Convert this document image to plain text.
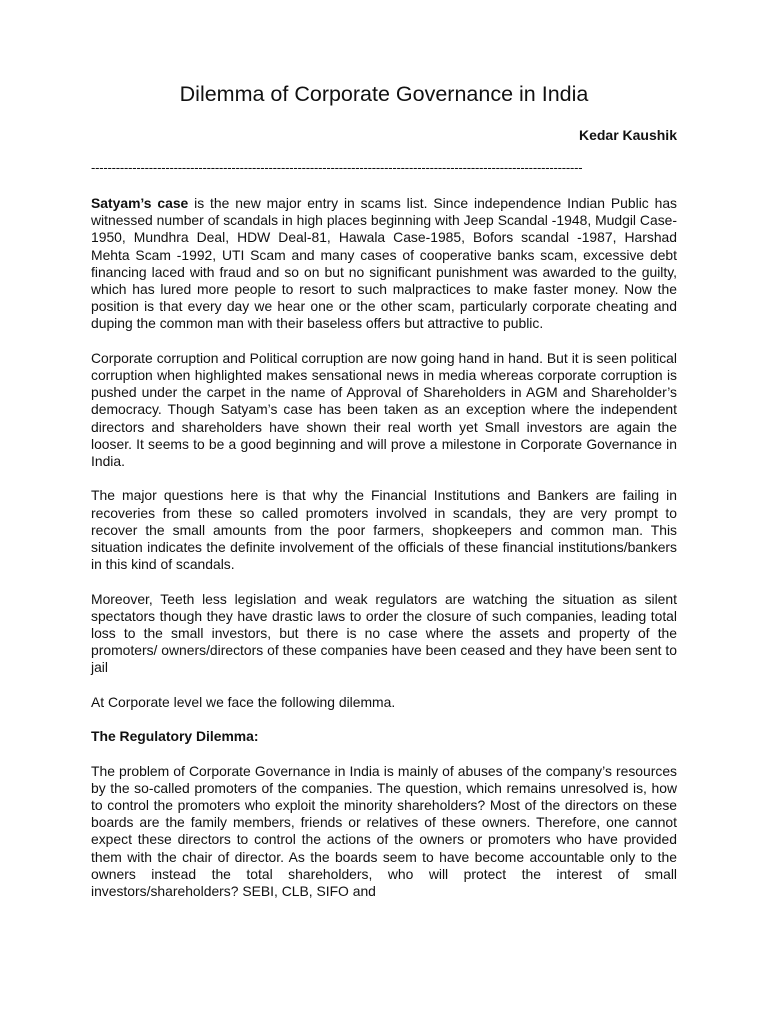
Dilemma of Corporate Governance in India

Kedar Kaushik

-----------------------------------------------------------------------------------------------------------------------

Satyam’s case is the new major entry in scams list. Since independence Indian Public has witnessed number of scandals in high places beginning with Jeep Scandal -1948, Mudgil Case- 1950, Mundhra Deal, HDW Deal-81, Hawala Case-1985, Bofors scandal -1987, Harshad Mehta Scam -1992, UTI Scam and many cases of cooperative banks scam, excessive debt financing laced with fraud and so on but no significant punishment was awarded to the guilty, which has lured more people to resort to such malpractices to make faster money. Now the position is that every day we hear one or the other scam, particularly corporate cheating and duping the common man with their baseless offers but attractive to public.

Corporate corruption and Political corruption are now going hand in hand. But it is seen political corruption when highlighted makes sensational news in media whereas corporate corruption is pushed under the carpet in the name of Approval of Shareholders in AGM and Shareholder’s democracy. Though Satyam’s case has been taken as an exception where the independent directors and shareholders have shown their real worth yet Small investors are again the looser. It seems to be a good beginning and will prove a milestone in Corporate Governance in India.

The major questions here is that why the Financial Institutions and Bankers are failing in recoveries from these so called promoters involved in scandals, they are very prompt to recover the small amounts from the poor farmers, shopkeepers and common man. This situation indicates the definite involvement of the officials of these financial institutions/bankers in this kind of scandals.

Moreover, Teeth less legislation and weak regulators are watching the situation as silent spectators though they have drastic laws to order the closure of such companies, leading total loss to the small investors, but there is no case where the assets and property of the promoters/ owners/directors of these companies have been ceased and they have been sent to jail

At Corporate level we face the following dilemma.

The Regulatory Dilemma:

The problem of Corporate Governance in India is mainly of abuses of the company’s resources by the so-called promoters of the companies. The question, which remains unresolved is, how to control the promoters who exploit the minority shareholders? Most of the directors on these boards are the family members, friends or relatives of these owners. Therefore, one cannot expect these directors to control the actions of the owners or promoters who have provided them with the chair of director. As the boards seem to have become accountable only to the owners instead the total shareholders, who will protect the interest of small investors/shareholders? SEBI, CLB, SIFO and
